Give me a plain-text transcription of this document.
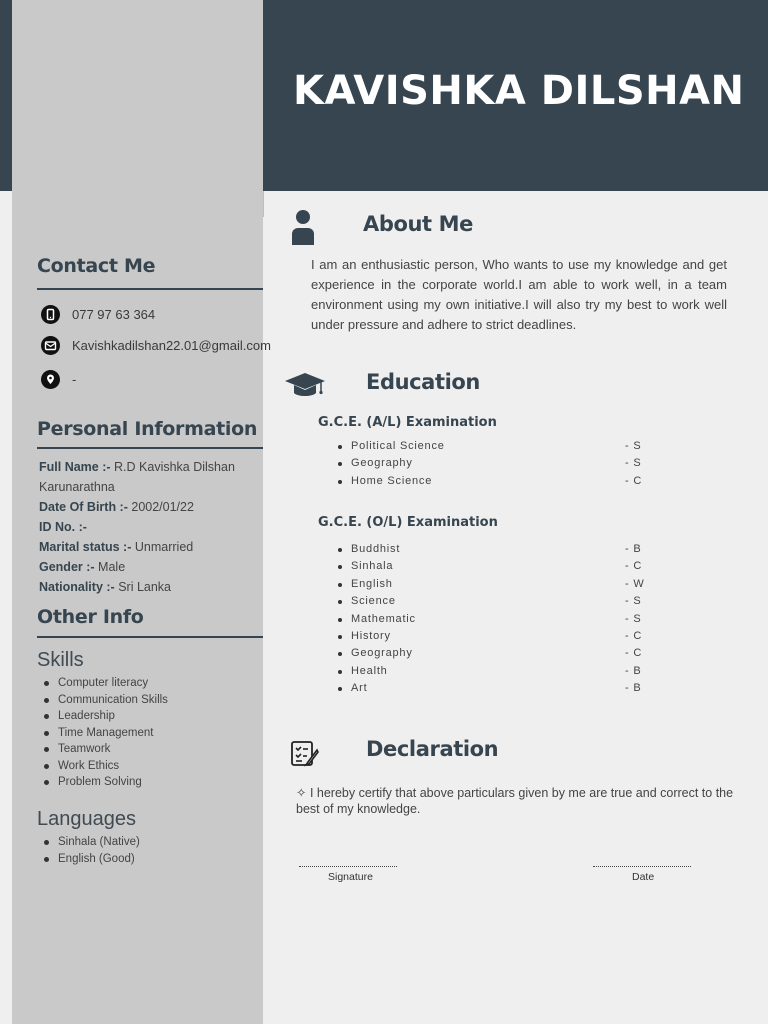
KAVISHKA DILSHAN
Contact Me
077 97 63 364
Kavishkadilshan22.01@gmail.com
-
Personal Information
Full Name :- R.D Kavishka Dilshan Karunarathna
Date Of Birth :- 2002/01/22
ID No. :-
Marital status :- Unmarried
Gender :- Male
Nationality :- Sri Lanka
Other Info
Skills
Computer literacy
Communication Skills
Leadership
Time Management
Teamwork
Work Ethics
Problem Solving
Languages
Sinhala (Native)
English (Good)
About Me
I am an enthusiastic person, Who wants to use my knowledge and get experience in the corporate world.I am able to work well, in a team environment using my own initiative.I will also try my best to work well under pressure and adhere to strict deadlines.
Education
G.C.E. (A/L) Examination
Political Science	- S
Geography	- S
Home Science	- C
G.C.E. (O/L) Examination
Buddhist	- B
Sinhala	- C
English	- W
Science	- S
Mathematic	- S
History	- C
Geography	- C
Health	- B
Art	- B
Declaration
✧ I hereby certify that above particulars given by me are true and correct to the best of my knowledge.
Signature	Date
